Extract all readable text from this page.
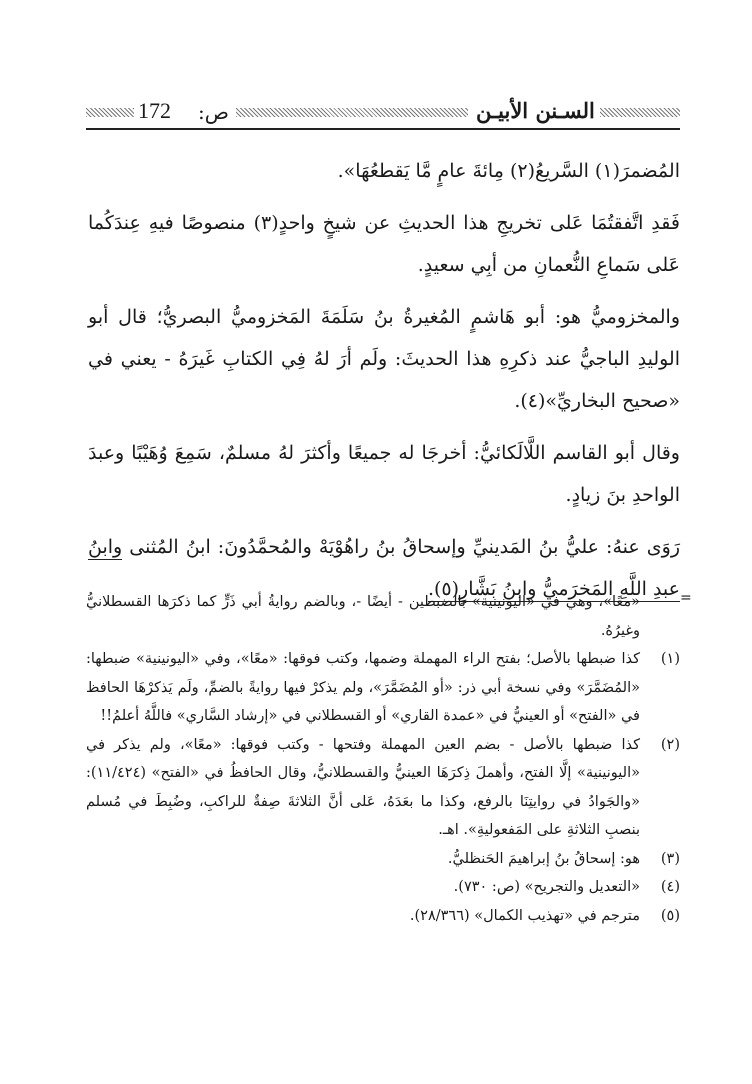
172 ص:	السـنن الأبيـن

المُضمرَ(١) السَّريعُ(٢) مِائةَ عامٍ مَّا يَقطعُهَا».

فَقدِ اتَّفقتُمَا عَلى تخريجِ هذا الحديثِ عن شيخٍ واحدٍ(٣) منصوصًا فيهِ عِندَكُما عَلى سَماعِ النُّعمانِ من أبِي سعيدٍ.

والمخزوميُّ هو: أبو هَاشمٍ المُغيرةُ بنُ سَلَمَةَ المَخزوميُّ البصريُّ؛ قال أبو الوليدِ الباجيُّ عند ذكرِهِ هذا الحديثَ: ولَم أرَ لهُ فِي الكتابِ غَيرَهُ - يعني في «صحيح البخاريِّ»(٤).

وقال أبو القاسم اللَّالَكائيُّ: أخرجَا له جميعًا وأكثرَ لهُ مسلمٌ، سَمِعَ وُهَيْبًا وعبدَ الواحدِ بنَ زيادٍ.

رَوَى عنهُ: عليُّ بنُ المَدينيِّ وإسحاقُ بنُ راهُوْيَهْ والمُحمَّدُونَ: ابنُ المُثنى وابنُ عبدِ اللَّهِ المَخرَميُّ وابنُ بَشَّارٍ(٥). =
«معًا»، وهي في «اليونينية» بالضبطين - أيضًا -، وبالضم روايةُ أبي ذَرٍّ كما ذكرَها القسطلانيُّ وغيرُهُ.
(١)
كذا ضبطها بالأصل؛ بفتح الراء المهملة وضمها، وكتب فوقها: «معًا»، وفي «اليونينية» ضبطها: «المُضَمَّرَ» وفي نسخة أبي ذر: «أو المُضَمَّرَ»، ولم يذكرْ فيها روايةً بالضمِّ، ولَم يَذكرْهَا الحافظ في «الفتح» أو العينيُّ في «عمدة القاري» أو القسطلاني في «إرشاد السَّاري» فاللَّهُ أعلمُ!!
(٢)
كذا ضبطها بالأصل - بضم العين المهملة وفتحها - وكتب فوقها: «معًا»، ولم يذكر في «اليونينية» إلَّا الفتح، وأهملَ ذِكرَهَا العينيُّ والقسطلانيُّ، وقال الحافظُ في «الفتح» (١١/٤٢٤): «والجَوادُ في روايتِنَا بالرفع، وكذا ما بعَدَهُ، عَلى أنَّ الثلاثةَ صِفةٌ للراكبِ، وضُبِطَ في مُسلم بنصبِ الثلاثةِ على المَفعوليةِ». اهـ.
(٣)
هو: إسحاقُ بنُ إبراهيمَ الحَنظليُّ.
(٤)
«التعديل والتجريح» (ص: ٧٣٠).
(٥)
مترجم في «تهذيب الكمال» (٢٨/٣٦٦).
